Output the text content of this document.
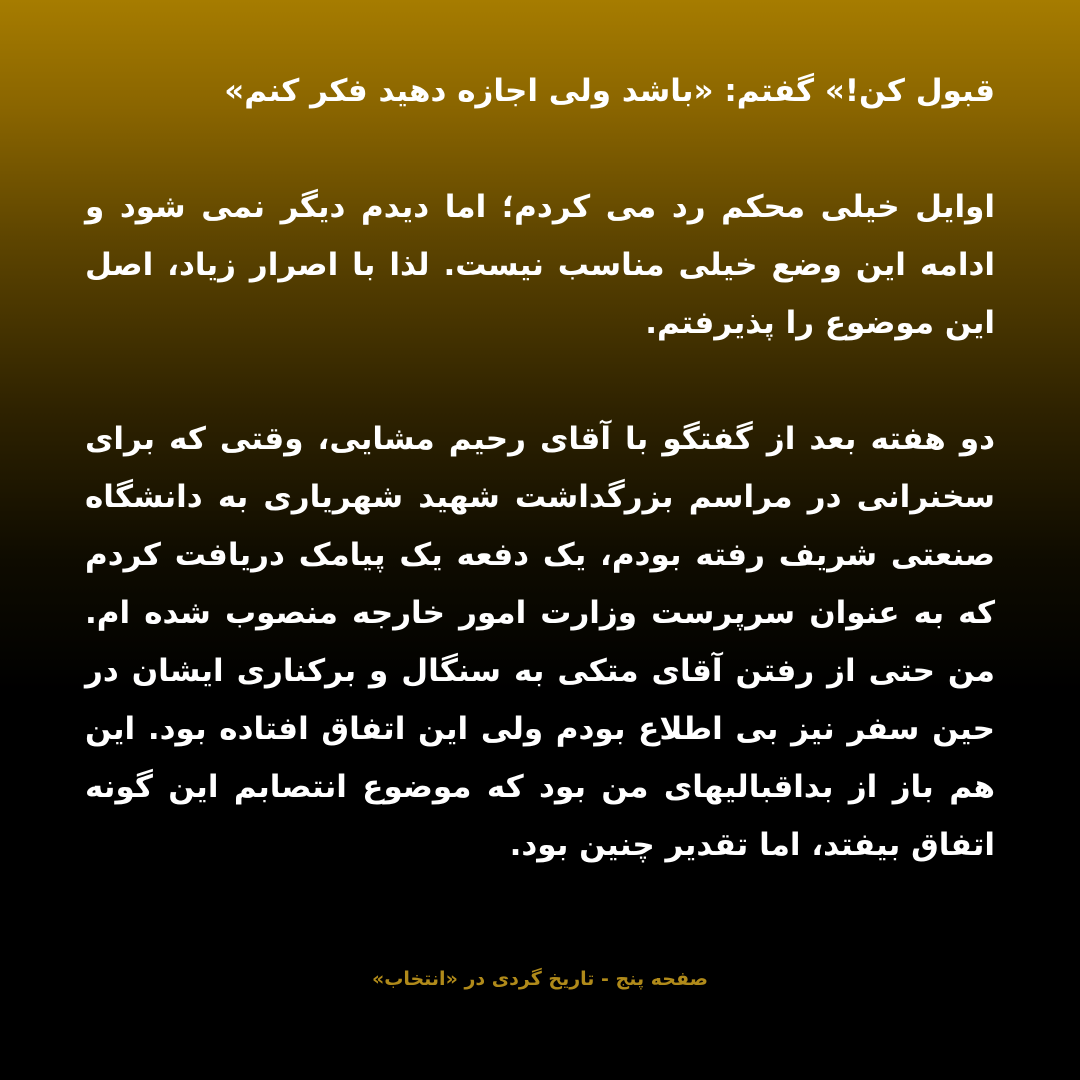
قبول کن!» گفتم: «باشد ولی اجازه دهید فکر کنم»

اوایل خیلی محکم رد می کردم؛ اما دیدم دیگر نمی شود و ادامه این وضع خیلی مناسب نیست. لذا با اصرار زیاد، اصل این موضوع را پذیرفتم.

دو هفته بعد از گفتگو با آقای رحیم مشایی، وقتی که برای سخنرانی در مراسم بزرگداشت شهید شهریاری به دانشگاه صنعتی شریف رفته بودم، یک دفعه یک پیامک دریافت کردم که به عنوان سرپرست وزارت امور خارجه منصوب شده ام. من حتی از رفتن آقای متکی به سنگال و برکناری ایشان در حین سفر نیز بی اطلاع بودم ولی این اتفاق افتاده بود. این هم باز از بداقبالیهای من بود که موضوع انتصابم این گونه اتفاق بیفتد، اما تقدیر چنین بود.

صفحه پنج - تاریخ گردی در «انتخاب»
